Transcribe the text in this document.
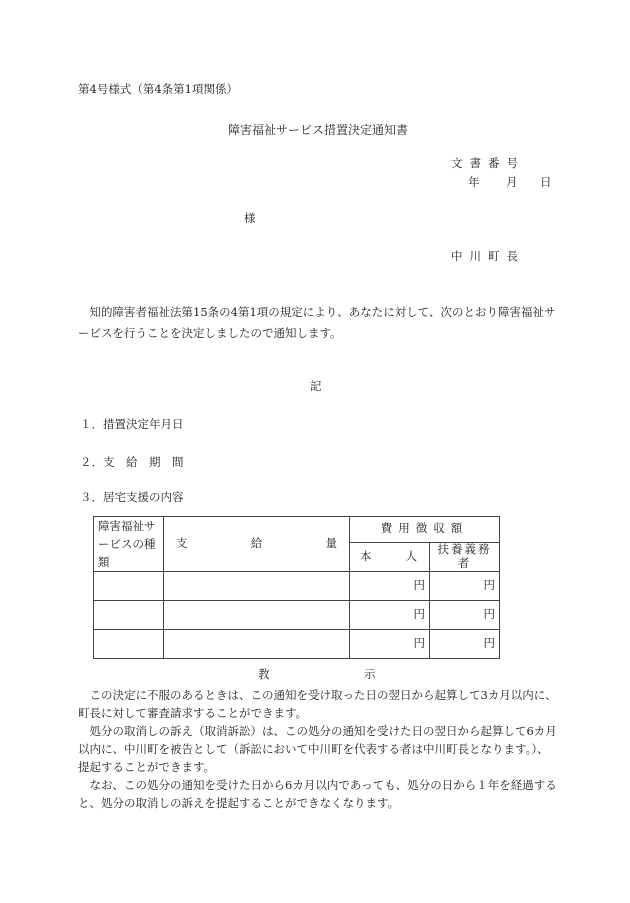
第4号様式（第4条第1項関係）
障害福祉サービス措置決定通知書
文書番号
年 月 日
様
中川町長

知的障害者福祉法第15条の4第1項の規定により、あなたに対して、次のとおり障害福祉サービスを行うことを決定しましたので通知します。

記
１．措置決定年月日
２．支　給　期　間
３．居宅支援の内容
障害福祉サービスの種類	支 給 量	費用徴収額	

		本 人	扶養義務者
		円	円
		円	円
		円	円
教	示

この決定に不服のあるときは、この通知を受け取った日の翌日から起算して3カ月以内に、町長に対して審査請求することができます。

処分の取消しの訴え（取消訴訟）は、この処分の通知を受けた日の翌日から起算して6カ月以内に、中川町を被告として（訴訟において中川町を代表する者は中川町長となります。）、提起することができます。

なお、この処分の通知を受けた日から6カ月以内であっても、処分の日から１年を経過すると、処分の取消しの訴えを提起することができなくなります。
